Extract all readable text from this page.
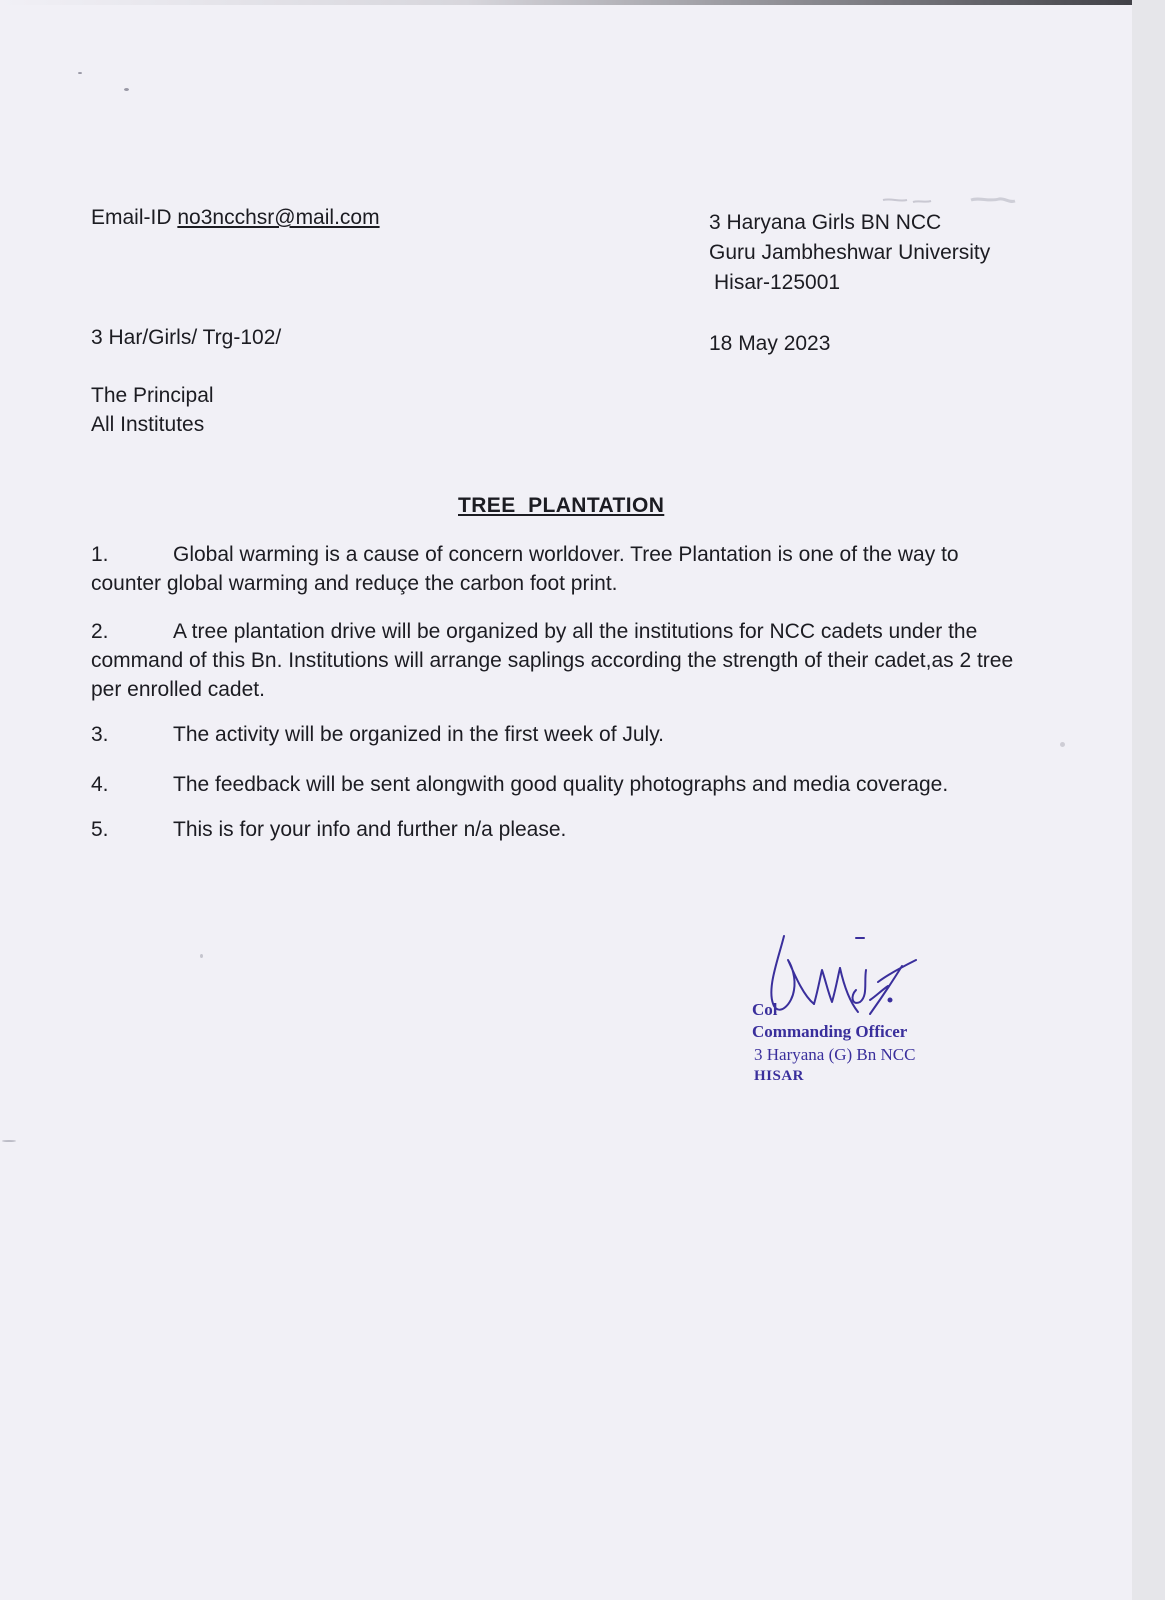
Email-ID no3ncchsr@mail.com	3 Haryana Girls BN NCC
Guru Jambheshwar University
Hisar-125001
3 Har/Girls/ Trg-102/	18 May 2023
The Principal
All Institutes
TREE  PLANTATION
1.	Global warming is a cause of concern worldover. Tree Plantation is one of the way to counter global warming and reduçe the carbon foot print.

2.	A tree plantation drive will be organized by all the institutions for NCC cadets under the command of this Bn. Institutions will arrange saplings according the strength of their cadet,as 2 tree per enrolled cadet.

3.	The activity will be organized in the first week of July.

4.	The feedback will be sent alongwith good quality photographs and media coverage.

5.	This is for your info and further n/a please.

Col
Commanding Officer
3 Haryana (G) Bn NCC
HISAR
